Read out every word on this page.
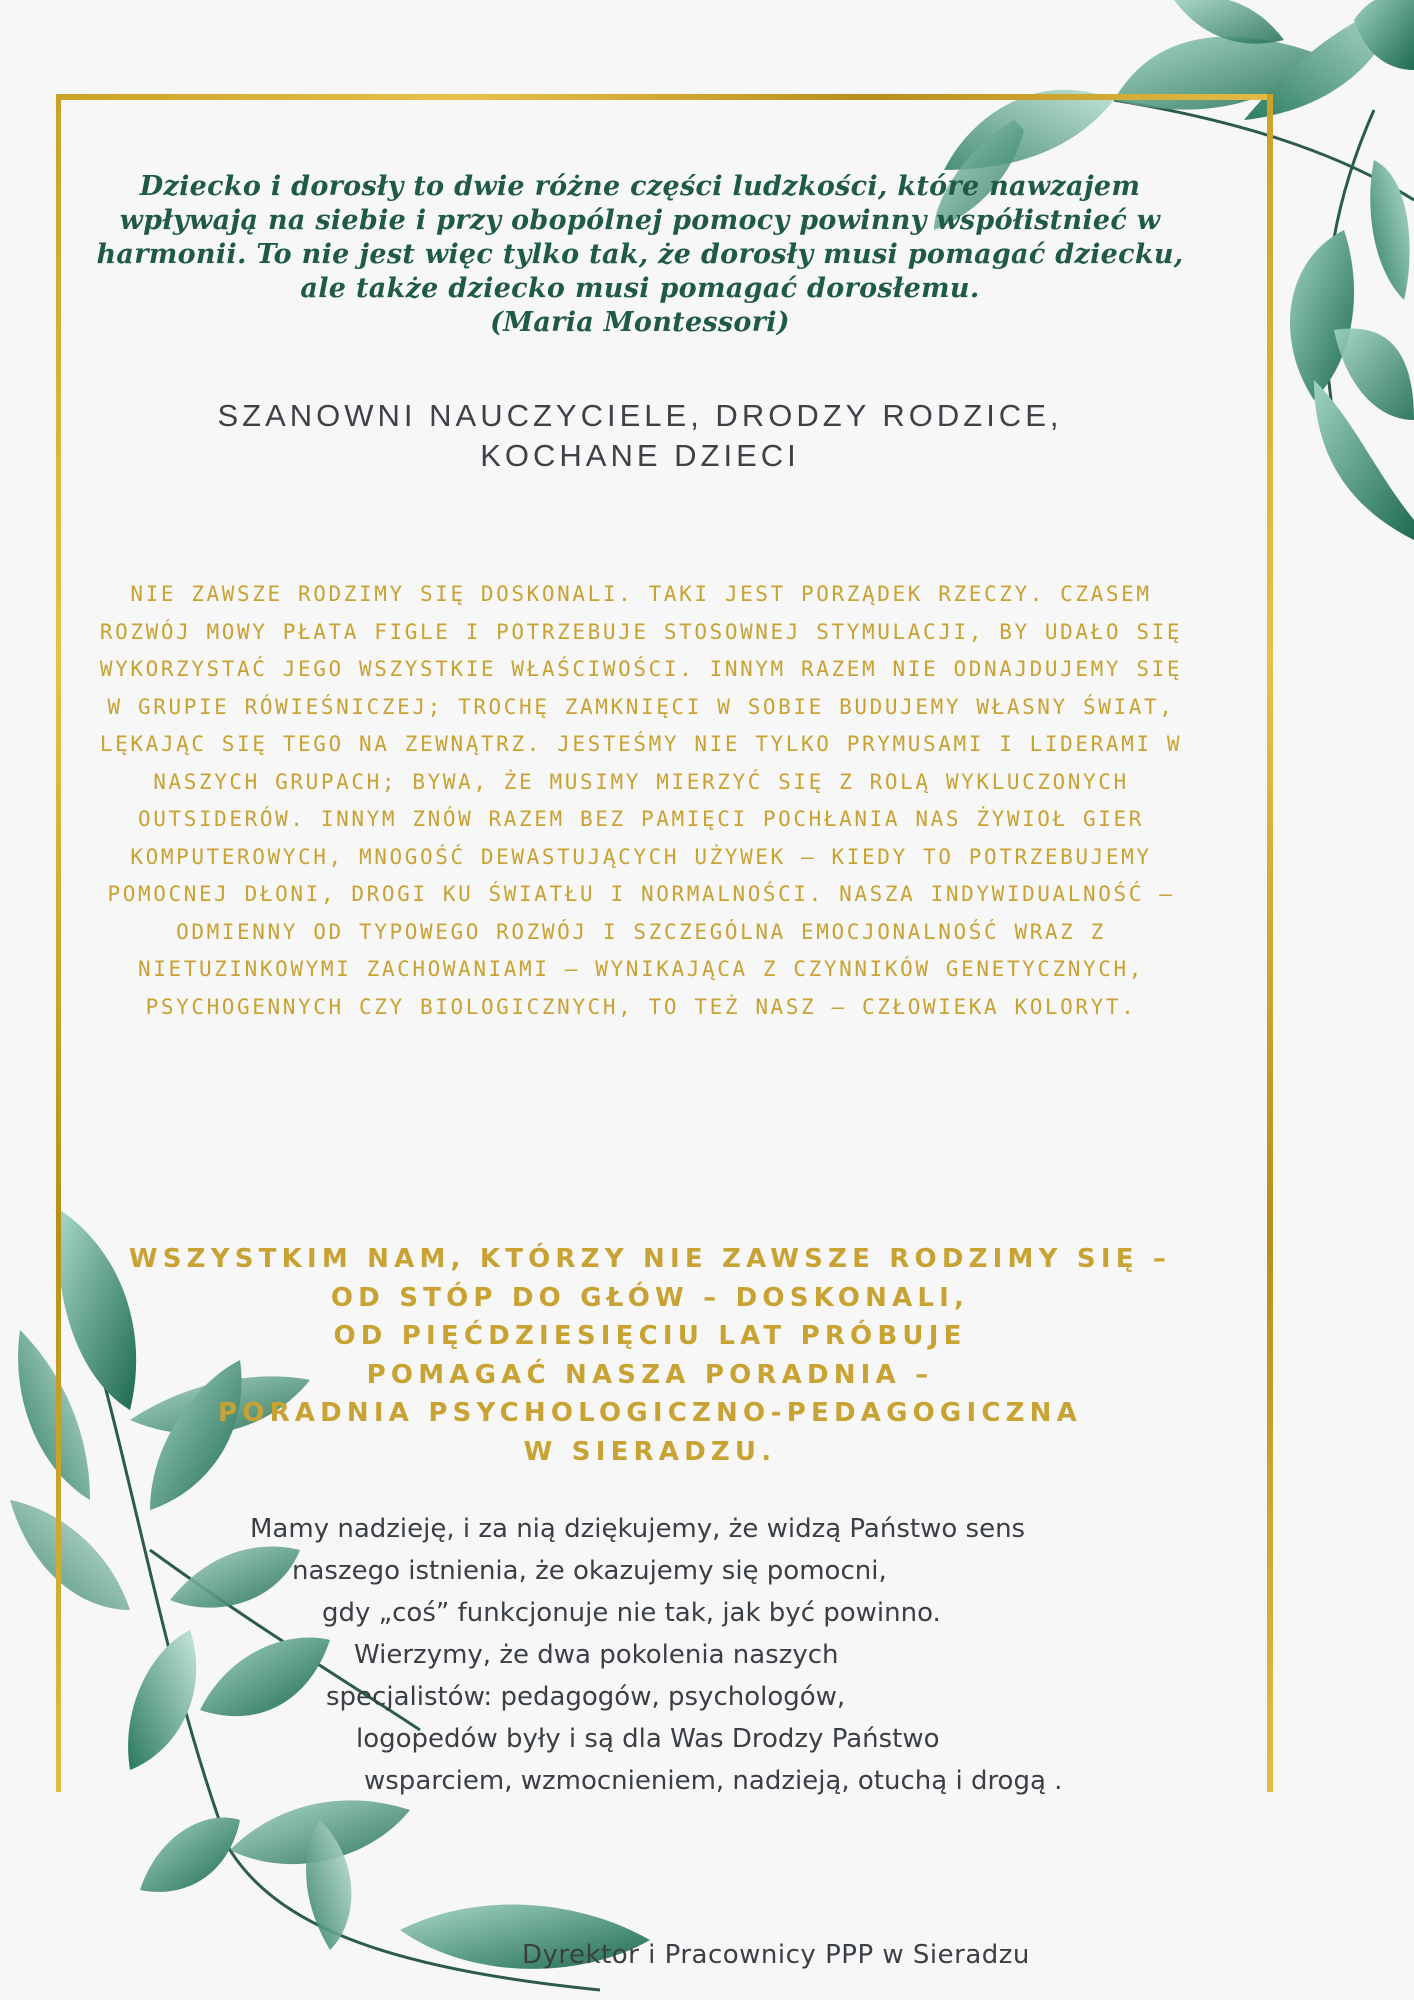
Dziecko i dorosły to dwie różne części ludzkości, które nawzajem wpływają na siebie i przy obopólnej pomocy powinny współistnieć w harmonii. To nie jest więc tylko tak, że dorosły musi pomagać dziecku, ale także dziecko musi pomagać dorosłemu.
(Maria Montessori)
SZANOWNI NAUCZYCIELE, DRODZY RODZICE,
KOCHANE DZIECI
NIE ZAWSZE RODZIMY SIĘ DOSKONALI. TAKI JEST PORZĄDEK RZECZY. CZASEM ROZWÓJ MOWY PŁATA FIGLE I POTRZEBUJE STOSOWNEJ STYMULACJI, BY UDAŁO SIĘ WYKORZYSTAĆ JEGO WSZYSTKIE WŁAŚCIWOŚCI. INNYM RAZEM NIE ODNAJDUJEMY SIĘ W GRUPIE RÓWIEŚNICZEJ; TROCHĘ ZAMKNIĘCI W SOBIE BUDUJEMY WŁASNY ŚWIAT, LĘKAJĄC SIĘ TEGO NA ZEWNĄTRZ. JESTEŚMY NIE TYLKO PRYMUSAMI I LIDERAMI W NASZYCH GRUPACH; BYWA, ŻE MUSIMY MIERZYĆ SIĘ Z ROLĄ WYKLUCZONYCH OUTSIDERÓW. INNYM ZNÓW RAZEM BEZ PAMIĘCI POCHŁANIA NAS ŻYWIOŁ GIER KOMPUTEROWYCH, MNOGOŚĆ DEWASTUJĄCYCH UŻYWEK – KIEDY TO POTRZEBUJEMY POMOCNEJ DŁONI, DROGI KU ŚWIATŁU I NORMALNOŚCI. NASZA INDYWIDUALNOŚĆ – ODMIENNY OD TYPOWEGO ROZWÓJ I SZCZEGÓLNA EMOCJONALNOŚĆ WRAZ Z NIETUZINKOWYMI ZACHOWANIAMI – WYNIKAJĄCA Z CZYNNIKÓW GENETYCZNYCH, PSYCHOGENNYCH CZY BIOLOGICZNYCH, TO TEŻ NASZ – CZŁOWIEKA KOLORYT.
WSZYSTKIM NAM, KTÓRZY NIE ZAWSZE RODZIMY SIĘ –
OD STÓP DO GŁÓW – DOSKONALI,
OD PIĘĆDZIESIĘCIU LAT PRÓBUJE
POMAGAĆ NASZA PORADNIA –
PORADNIA PSYCHOLOGICZNO-PEDAGOGICZNA
W SIERADZU.
Mamy nadzieję, i za nią dziękujemy, że widzą Państwo sens
naszego istnienia, że okazujemy się pomocni,
gdy „coś” funkcjonuje nie tak, jak być powinno.
Wierzymy, że dwa pokolenia naszych
specjalistów: pedagogów, psychologów,
logopedów były i są dla Was Drodzy Państwo
wsparciem, wzmocnieniem, nadzieją, otuchą i drogą .
Dyrektor i Pracownicy PPP w Sieradzu
